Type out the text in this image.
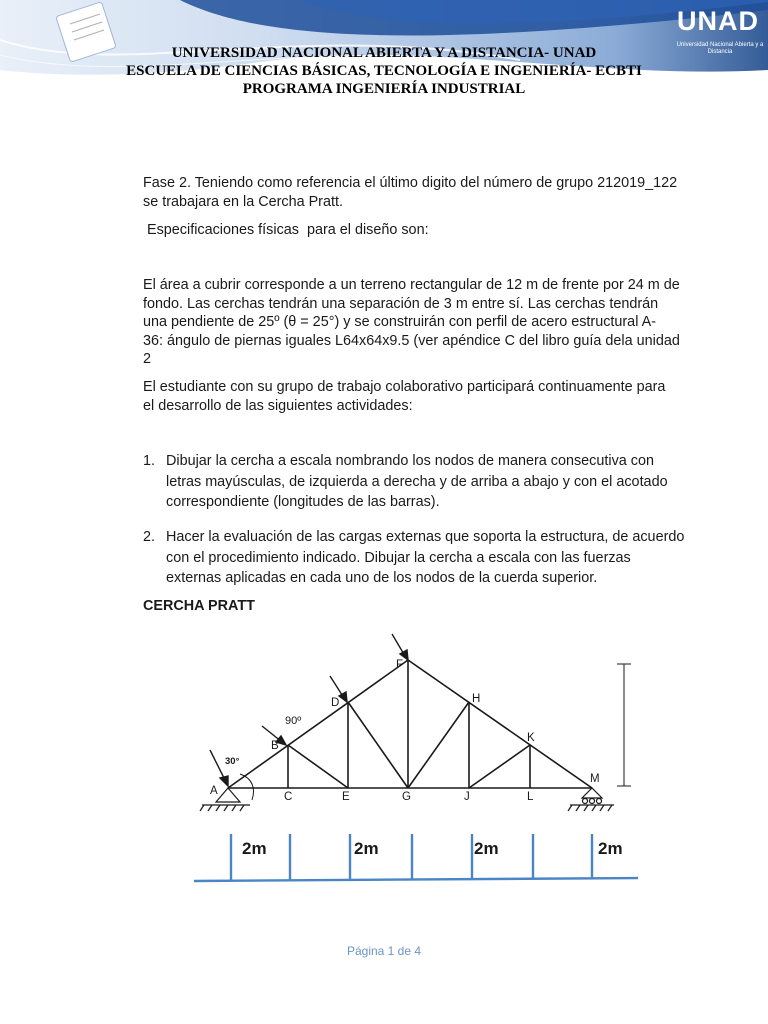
UNAD
Universidad Nacional Abierta y a Distancia
UNIVERSIDAD NACIONAL ABIERTA Y A DISTANCIA- UNAD
ESCUELA DE CIENCIAS BÁSICAS, TECNOLOGÍA E INGENIERÍA- ECBTI
PROGRAMA INGENIERÍA INDUSTRIAL
Fase 2. Teniendo como referencia el último digito del número de grupo 212019_122
se trabajara en la Cercha Pratt.
Especificaciones físicas  para el diseño son:
El área a cubrir corresponde a un terreno rectangular de 12 m de frente por 24 m de
fondo. Las cerchas tendrán una separación de 3 m entre sí. Las cerchas tendrán
una pendiente de 25º (θ = 25°) y se construirán con perfil de acero estructural A-
36: ángulo de piernas iguales L64x64x9.5 (ver apéndice C del libro guía dela unidad
2
El estudiante con su grupo de trabajo colaborativo participará continuamente para
el desarrollo de las siguientes actividades:
1. Dibujar la cercha a escala nombrando los nodos de manera consecutiva con
letras mayúsculas, de izquierda a derecha y de arriba a abajo y con el acotado
correspondiente (longitudes de las barras).
2. Hacer la evaluación de las cargas externas que soporta la estructura, de acuerdo
con el procedimiento indicado. Dibujar la cercha a escala con las fuerzas
externas aplicadas en cada uno de los nodos de la cuerda superior.
CERCHA PRATT
A
B
C
D
E
F
G
H
J
K
L
M
90º
30°
2m	2m	2m	2m
Página 1 de 4
